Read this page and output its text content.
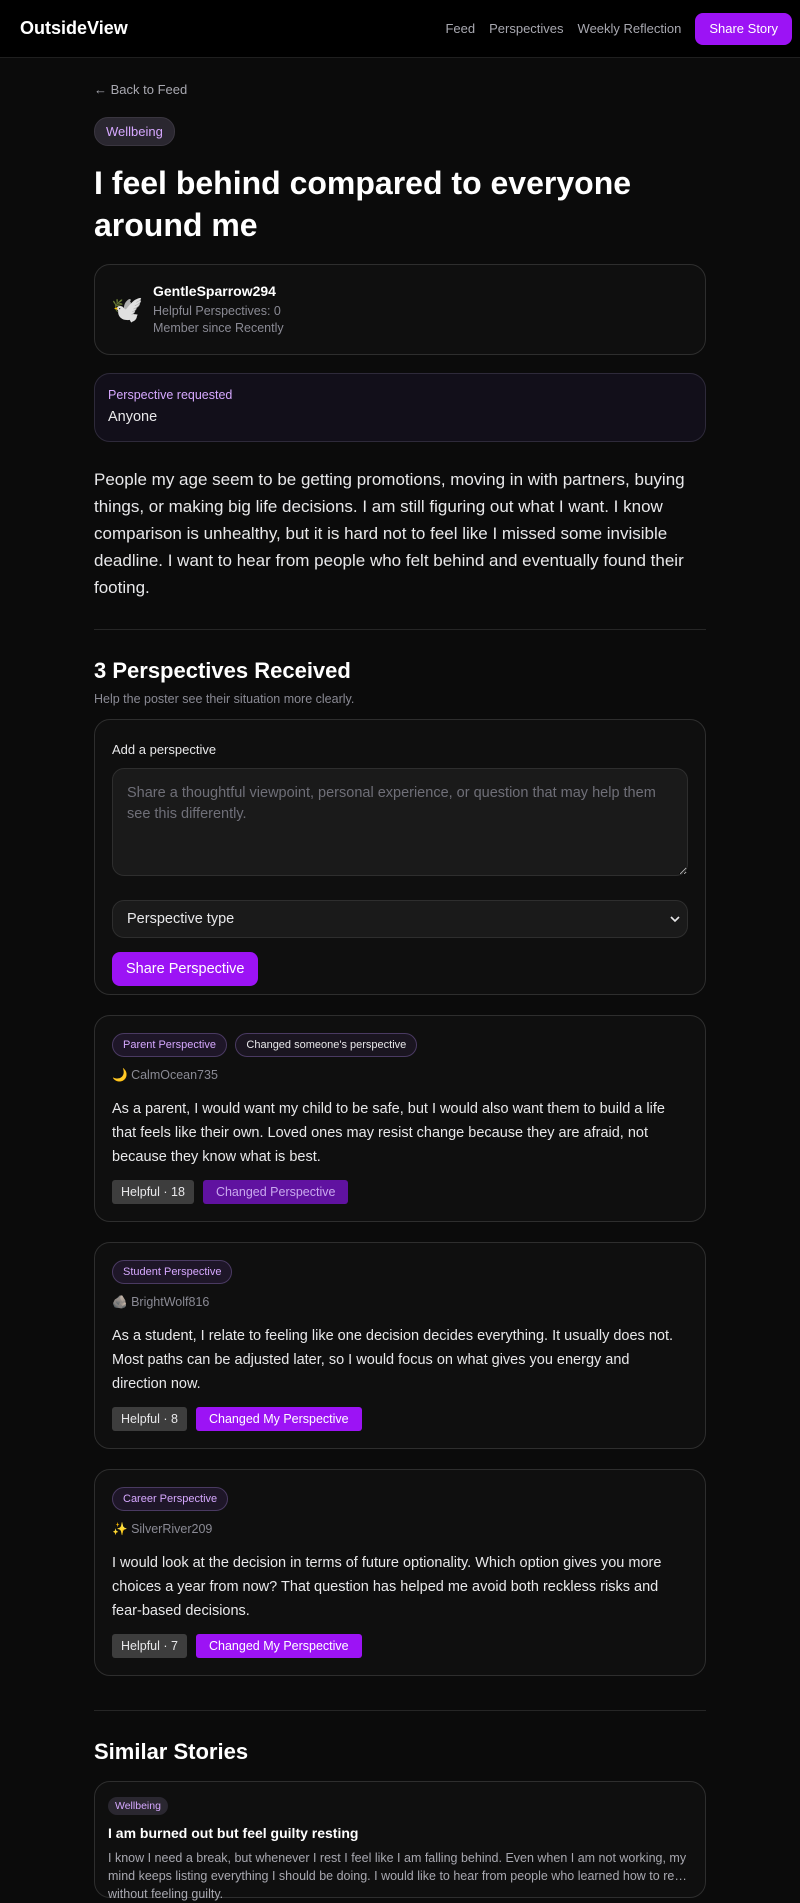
OutsideView	Feed Perspectives Weekly Reflection	Share Story
← Back to Feed
Wellbeing
I feel behind compared to everyone around me
🕊️
GentleSparrow294
Helpful Perspectives: 0
Member since Recently
Perspective requested
Anyone

People my age seem to be getting promotions, moving in with partners, buying things, or making big life decisions. I am still figuring out what I want. I know comparison is unhealthy, but it is hard not to feel like I missed some invisible deadline. I want to hear from people who felt behind and eventually found their footing.

3 Perspectives Received
Help the poster see their situation more clearly.
Add a perspective
Share a thoughtful viewpoint, personal experience, or question that may help them see this differently.
Perspective type
Share Perspective
Parent Perspective	Changed someone's perspective
🌙 CalmOcean735

As a parent, I would want my child to be safe, but I would also want them to build a life that feels like their own. Loved ones may resist change because they are afraid, not because they know what is best.

Helpful · 18	Changed Perspective
Student Perspective
🪨 BrightWolf816

As a student, I relate to feeling like one decision decides everything. It usually does not. Most paths can be adjusted later, so I would focus on what gives you energy and direction now.

Helpful · 8	Changed My Perspective
Career Perspective
✨ SilverRiver209

I would look at the decision in terms of future optionality. Which option gives you more choices a year from now? That question has helped me avoid both reckless risks and fear-based decisions.

Helpful · 7	Changed My Perspective
Similar Stories
Wellbeing
I am burned out but feel guilty resting
I know I need a break, but whenever I rest I feel like I am falling behind. Even when I am not working, my mind keeps listing everything I should be doing. I would like to hear from people who learned how to rest without feeling guilty.
